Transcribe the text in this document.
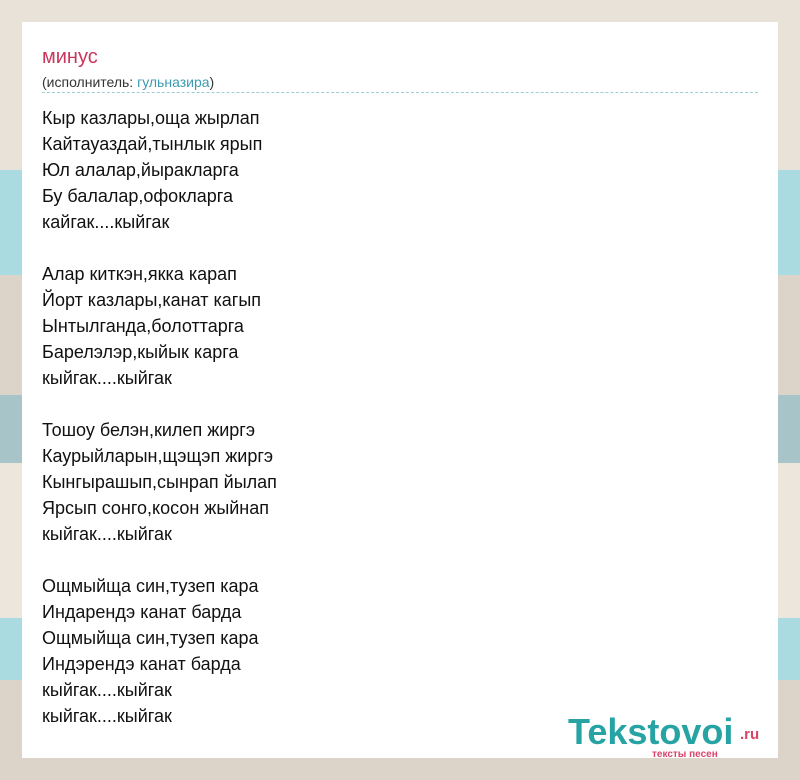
минус
(исполнитель: гульназира)
Кыр казлары,оща жырлап
Кайтауаздай,тынлык ярып
Юл алалар,йыракларга
Бу балалар,офокларга
кайгак....кыйгак
Алар киткэн,якка карап
Йорт казлары,канат кагып
Ынтылганда,болоттарга
Барелэлэр,кыйык карга
кыйгак....кыйгак
Тошоу белэн,килеп жиргэ
Каурыйларын,щэщэп жиргэ
Кынгырашып,сынрап йылап
Ярсып сонго,косон жыйнап
кыйгак....кыйгак
Ощмыйща син,тузеп кара
Индарендэ канат барда
Ощмыйща син,тузеп кара
Индэрендэ канат барда
кыйгак....кыйгак
кыйгак....кыйгак	Tekstovoi .ru
тексты песен
